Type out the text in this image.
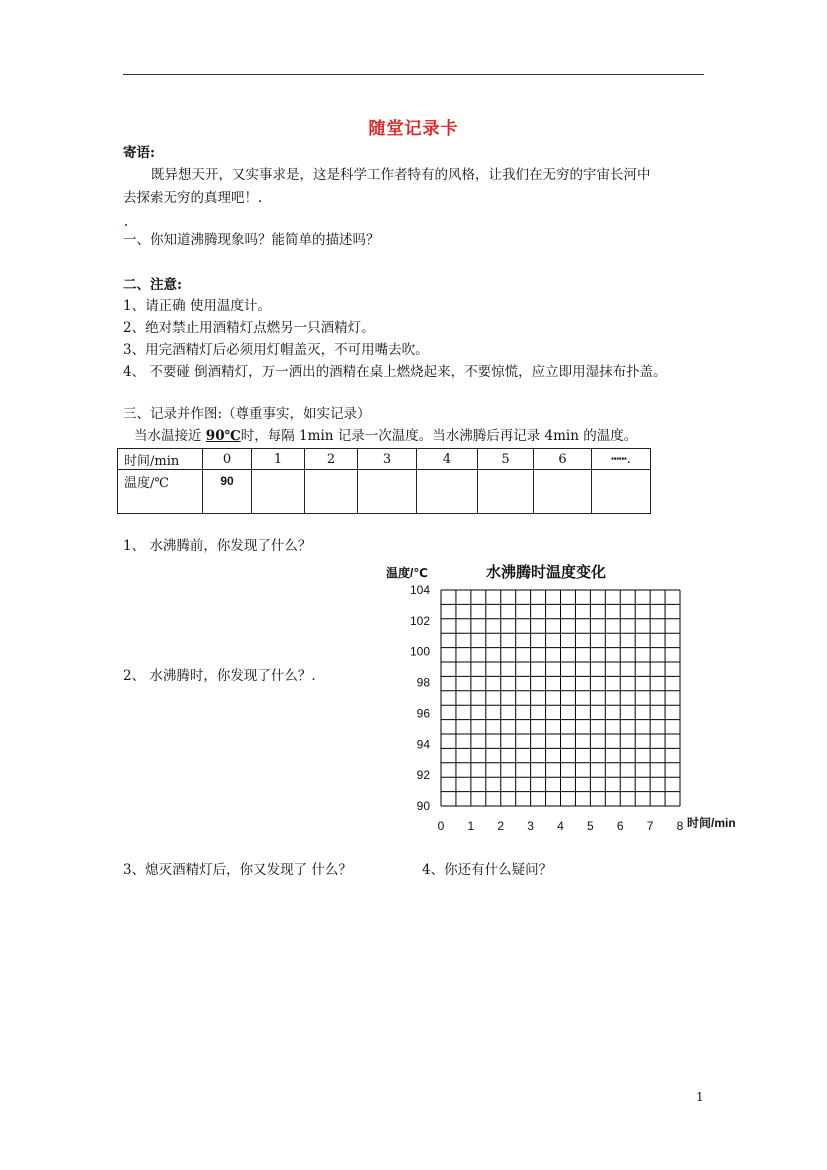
随堂记录卡
寄语:
既异想天开，又实事求是，这是科学工作者特有的风格，让我们在无穷的宇宙长河中
去探索无穷的真理吧！.
一、你知道沸腾现象吗？能简单的描述吗？
二、注意:
1、请正确 使用温度计。
2、绝对禁止用酒精灯点燃另一只酒精灯。
3、用完酒精灯后必须用灯帽盖灭，不可用嘴去吹。
4、 不要碰 倒酒精灯，万一洒出的酒精在桌上燃烧起来，不要惊慌，应立即用湿抹布扑盖。
三、记录并作图:（尊重事实，如实记录）
当水温接近 90℃时，每隔 1min 记录一次温度。当水沸腾后再记录 4min 的温度。
时间/min	0	1	2	3	4	5	6	┅┅.
温度/℃	90							
1、 水沸腾前，你发现了什么？
2、 水沸腾时，你发现了什么？.
温度/℃	水沸腾时温度变化
90
92
94
96
98
100
102
104
0 1 2 3 4 5 6 7 8 时间/min
3、熄灭酒精灯后，你又发现了 什么？	4、你还有什么疑问？
1
